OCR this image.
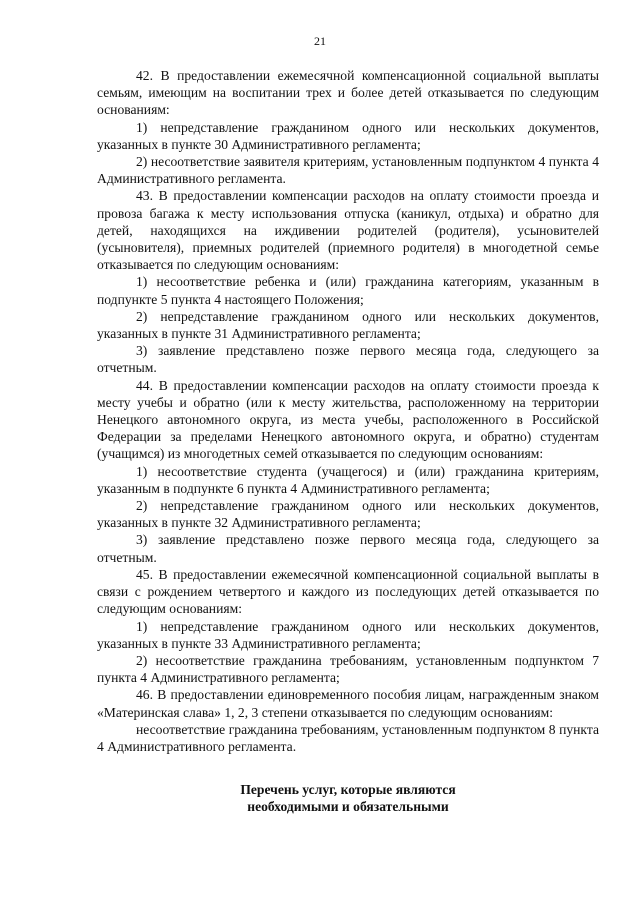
21

42. В предоставлении ежемесячной компенсационной социальной выплаты семьям, имеющим на воспитании трех и более детей отказывается по следующим основаниям:

1) непредставление гражданином одного или нескольких документов, указанных в пункте 30 Административного регламента;

2) несоответствие заявителя критериям, установленным подпунктом 4 пункта 4 Административного регламента.

43. В предоставлении компенсации расходов на оплату стоимости проезда и провоза багажа к месту использования отпуска (каникул, отдыха) и обратно для детей, находящихся на иждивении родителей (родителя), усыновителей (усыновителя), приемных родителей (приемного родителя) в многодетной семье отказывается по следующим основаниям:

1) несоответствие ребенка и (или) гражданина категориям, указанным в подпункте 5 пункта 4 настоящего Положения;

2) непредставление гражданином одного или нескольких документов, указанных в пункте 31 Административного регламента;

3) заявление представлено позже первого месяца года, следующего за отчетным.

44. В предоставлении компенсации расходов на оплату стоимости проезда к месту учебы и обратно (или к месту жительства, расположенному на территории Ненецкого автономного округа, из места учебы, расположенного в Российской Федерации за пределами Ненецкого автономного округа, и обратно) студентам (учащимся) из многодетных семей отказывается по следующим основаниям:

1) несоответствие студента (учащегося) и (или) гражданина критериям, указанным в подпункте 6 пункта 4 Административного регламента;

2) непредставление гражданином одного или нескольких документов, указанных в пункте 32 Административного регламента;

3) заявление представлено позже первого месяца года, следующего за отчетным.

45. В предоставлении ежемесячной компенсационной социальной выплаты в связи с рождением четвертого и каждого из последующих детей отказывается по следующим основаниям:

1) непредставление гражданином одного или нескольких документов, указанных в пункте 33 Административного регламента;

2) несоответствие гражданина требованиям, установленным подпунктом 7 пункта 4 Административного регламента;

46. В предоставлении единовременного пособия лицам, награжденным знаком «Материнская слава» 1, 2, 3 степени отказывается по следующим основаниям:

несоответствие гражданина требованиям, установленным подпунктом 8 пункта 4 Административного регламента.

Перечень услуг, которые являются
необходимыми и обязательными
